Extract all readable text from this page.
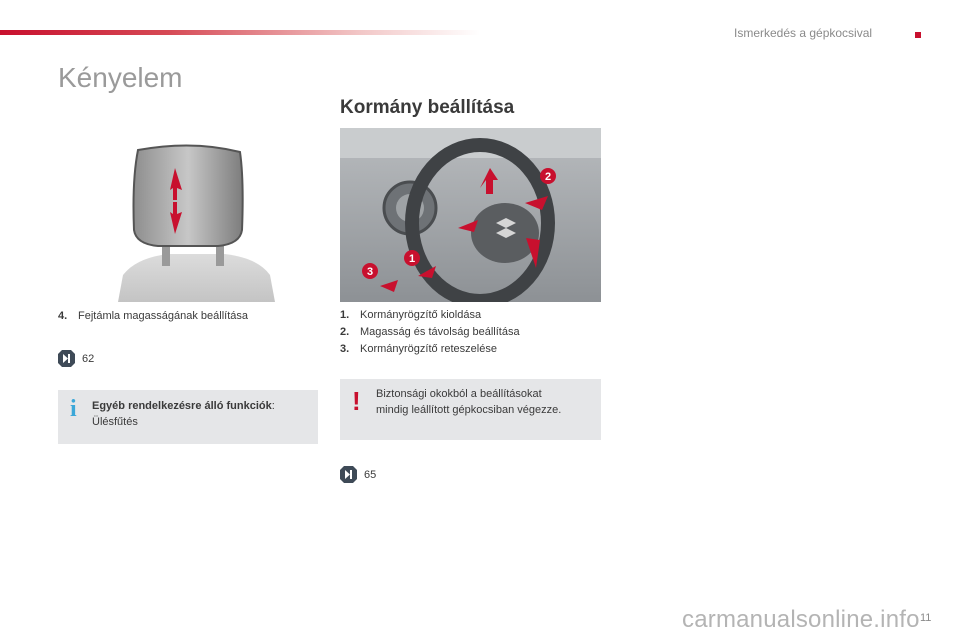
Ismerkedés a gépkocsival
Kényelem
Kormány beállítása
2
1
3
4. Fejtámla magasságának beállítása
62
i Egyéb rendelkezésre álló funkciók:
Ülésfűtés
1. Kormányrögzítő kioldása
2. Magasság és távolság beállítása
3. Kormányrögzítő reteszelése
! Biztonsági okokból a beállításokat
mindig leállított gépkocsiban végezze.
65
carmanualsonline.info 11
